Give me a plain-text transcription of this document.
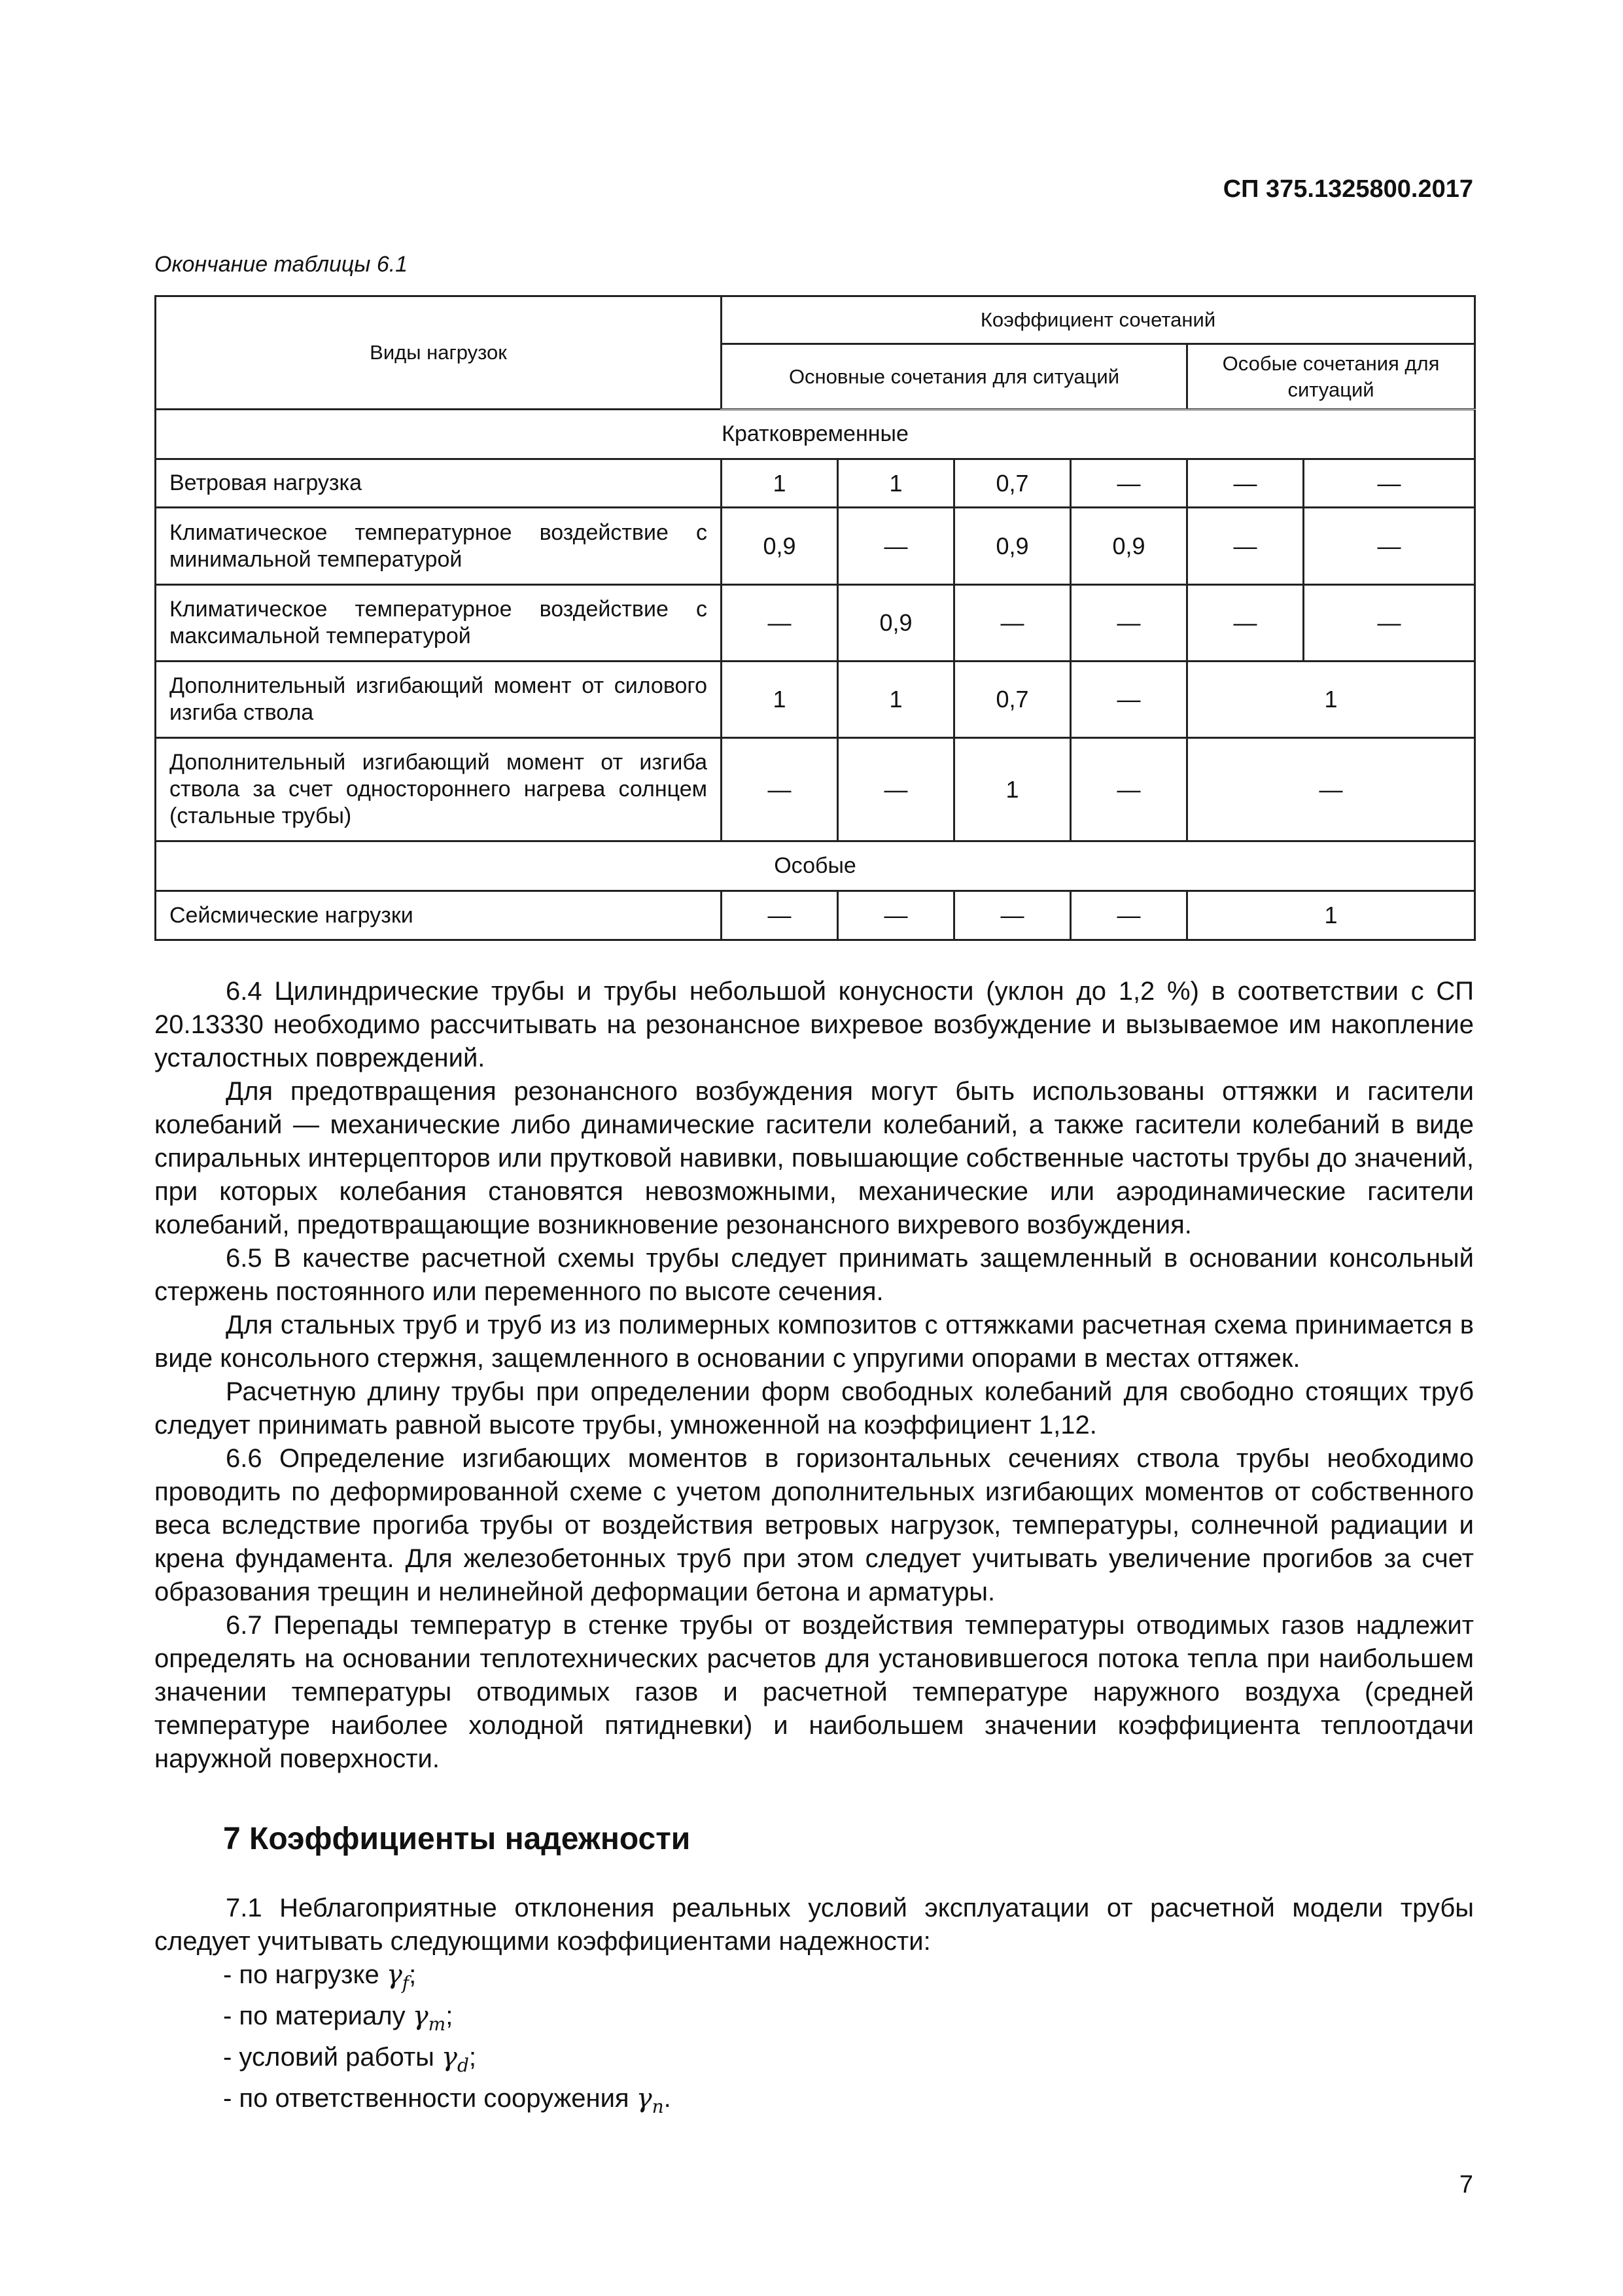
СП 375.1325800.2017
Окончание таблицы 6.1
Виды нагрузок	Коэффициент сочетаний					
	Основные сочетания для ситуаций				Особые сочетания для ситуаций	
Кратковременные						
Ветровая нагрузка	1	1	0,7	—	—	—
Климатическое температурное воздействие с минимальной температурой	0,9	—	0,9	0,9	—	—
Климатическое температурное воздействие с максимальной температурой	—	0,9	—	—	—	—
Дополнительный изгибающий момент от силового изгиба ствола	1	1	0,7	—	1	
Дополнительный изгибающий момент от изгиба ствола за счет одностороннего нагрева солнцем (стальные трубы)	—	—	1	—	—	
Особые						
Сейсмические нагрузки	—	—	—	—	1	

6.4 Цилиндрические трубы и трубы небольшой конусности (уклон до 1,2 %) в соответствии с СП 20.13330 необходимо рассчитывать на резонансное вихревое возбуждение и вызываемое им накопление усталостных повреждений.

Для предотвращения резонансного возбуждения могут быть использованы оттяжки и гасители колебаний — механические либо динамические гасители колебаний, а также гасители колебаний в виде спиральных интерцепторов или прутковой навивки, повышающие собственные частоты трубы до значений, при которых колебания становятся невозможными, механические или аэродинамические гасители колебаний, предотвращающие возникновение резонансного вихревого возбуждения.

6.5 В качестве расчетной схемы трубы следует принимать защемленный в основании консольный стержень постоянного или переменного по высоте сечения.

Для стальных труб и труб из из полимерных композитов с оттяжками расчетная схема принимается в виде консольного стержня, защемленного в основании с упругими опорами в местах оттяжек.

Расчетную длину трубы при определении форм свободных колебаний для свободно стоящих труб следует принимать равной высоте трубы, умноженной на коэффициент 1,12.

6.6 Определение изгибающих моментов в горизонтальных сечениях ствола трубы необходимо проводить по деформированной схеме с учетом дополнительных изгибающих моментов от собственного веса вследствие прогиба трубы от воздействия ветровых нагрузок, температуры, солнечной радиации и крена фундамента. Для железобетонных труб при этом следует учитывать увеличение прогибов за счет образования трещин и нелинейной деформации бетона и арматуры.

6.7 Перепады температур в стенке трубы от воздействия температуры отводимых газов надлежит определять на основании теплотехнических расчетов для установившегося потока тепла при наибольшем значении температуры отводимых газов и расчетной температуре наружного воздуха (средней температуре наиболее холодной пятидневки) и наибольшем значении коэффициента теплоотдачи наружной поверхности.

7 Коэффициенты надежности

7.1 Неблагоприятные отклонения реальных условий эксплуатации от расчетной модели трубы следует учитывать следующими коэффициентами надежности:

- по нагрузке $\gamma_f$;
- по материалу $\gamma_m$;
- условий работы $\gamma_d$;
- по ответственности сооружения $\gamma_n$.
7
